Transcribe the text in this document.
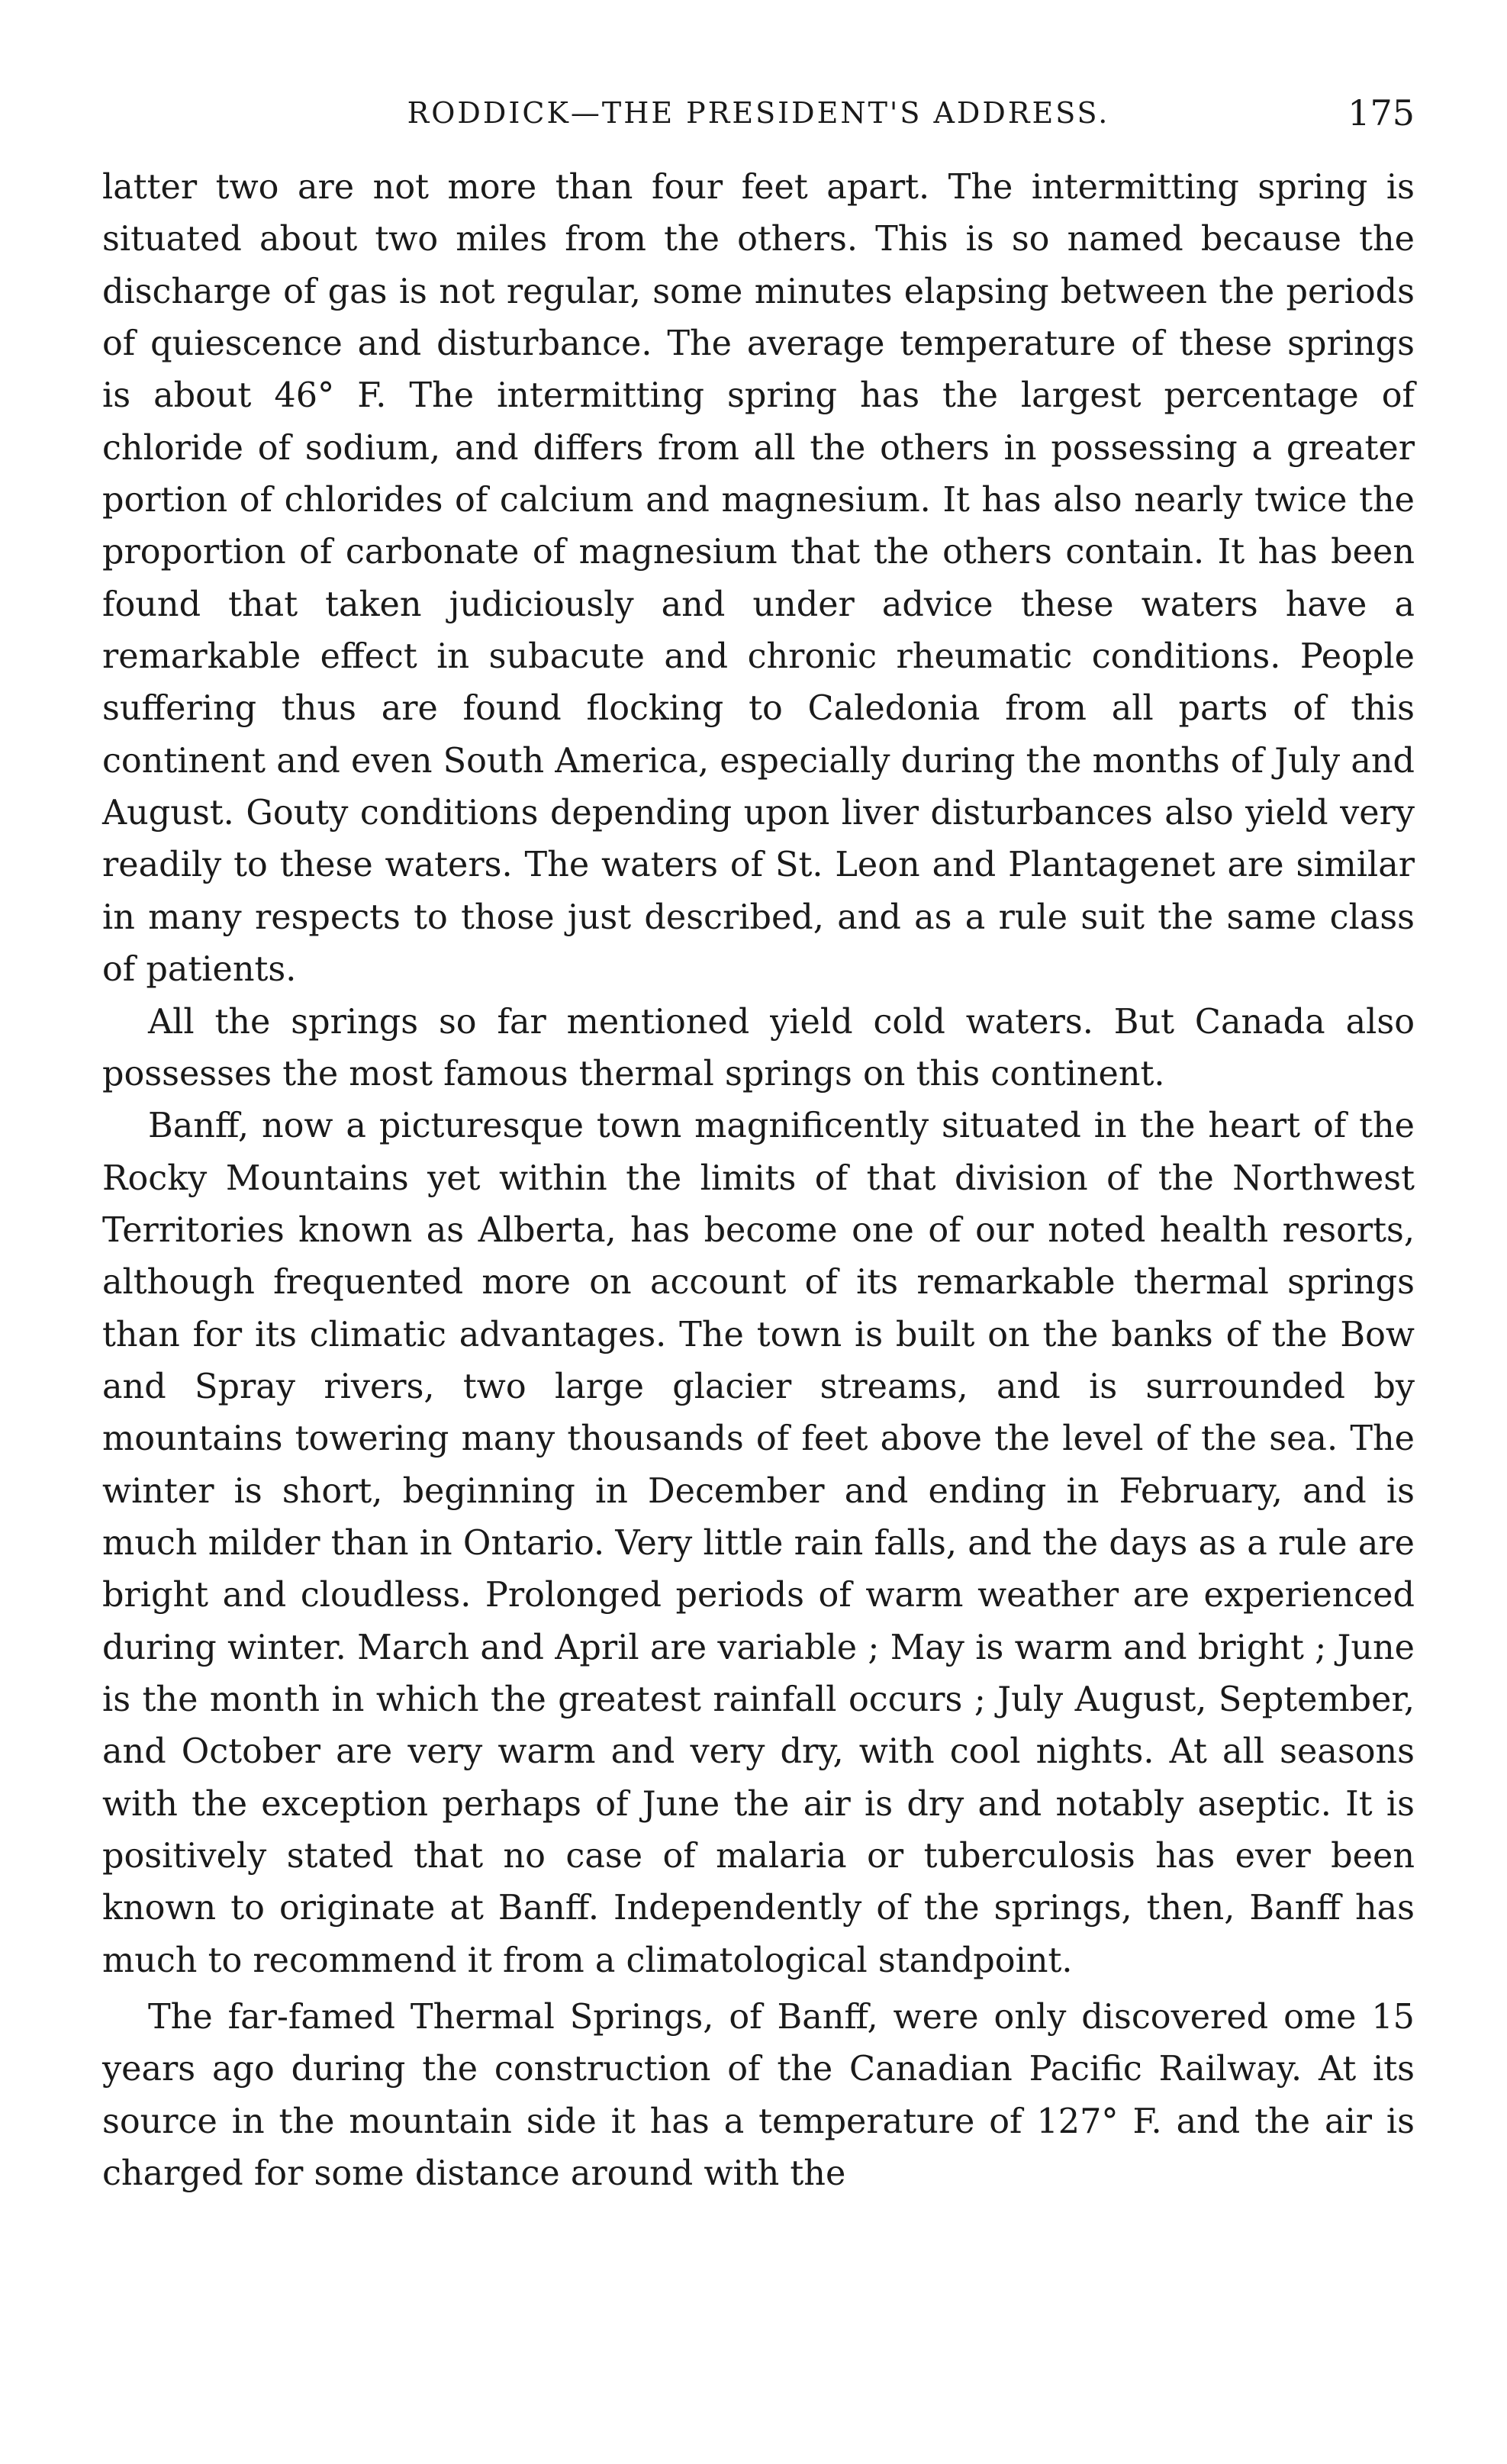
RODDICK—THE PRESIDENT'S ADDRESS.	175

latter two are not more than four feet apart. The intermitting spring is situated about two miles from the others. This is so named because the discharge of gas is not regular, some minutes elapsing between the periods of quiescence and disturbance. The average temperature of these springs is about 46° F. The intermitting spring has the largest percentage of chloride of sodium, and differs from all the others in possessing a greater portion of chlorides of calcium and magnesium. It has also nearly twice the proportion of carbonate of magnesium that the others contain. It has been found that taken judiciously and under advice these waters have a remarkable effect in subacute and chronic rheumatic conditions. People suffering thus are found flocking to Caledonia from all parts of this continent and even South America, especially during the months of July and August. Gouty conditions depending upon liver disturbances also yield very readily to these waters. The waters of St. Leon and Plantagenet are similar in many respects to those just described, and as a rule suit the same class of patients.

All the springs so far mentioned yield cold waters. But Canada also possesses the most famous thermal springs on this continent.

Banff, now a picturesque town magnificently situated in the heart of the Rocky Mountains yet within the limits of that division of the Northwest Territories known as Alberta, has become one of our noted health resorts, although frequented more on account of its remarkable thermal springs than for its climatic advantages. The town is built on the banks of the Bow and Spray rivers, two large glacier streams, and is surrounded by mountains towering many thousands of feet above the level of the sea. The winter is short, beginning in December and ending in February, and is much milder than in Ontario. Very little rain falls, and the days as a rule are bright and cloudless. Prolonged periods of warm weather are experienced during winter. March and April are variable ; May is warm and bright ; June is the month in which the greatest rainfall occurs ; July August, September, and October are very warm and very dry, with cool nights. At all seasons with the exception perhaps of June the air is dry and notably aseptic. It is positively stated that no case of malaria or tuberculosis has ever been known to originate at Banff. Independently of the springs, then, Banff has much to recommend it from a climatological standpoint.

The far-famed Thermal Springs, of Banff, were only discovered ome 15 years ago during the construction of the Canadian Pacific Railway. At its source in the mountain side it has a temperature of 127° F. and the air is charged for some distance around with the
